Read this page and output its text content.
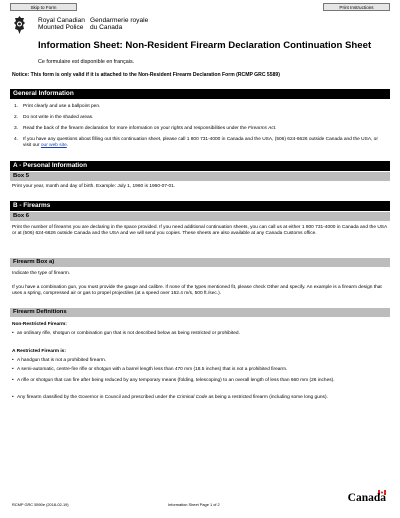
Skip to Form	Print Instructions
Royal Canadian
Mounted Police
Gendarmerie royale
du Canada
Information Sheet: Non-Resident Firearm Declaration Continuation Sheet
Ce formulaire est disponible en français.
Notice: This form is only valid if it is attached to the Non-Resident Firearm Declaration Form (RCMP GRC 5589)
General Information
1. Print clearly and use a ballpoint pen.
2. Do not write in the shaded areas.
3. Read the back of the firearm declaration for more information on your rights and responsibilities under the Firearms Act.
4. If you have any questions about filling out this continuation sheet, please call 1 800 731-4000 in Canada and the USA, (506) 624-6626 outside Canada and the USA, or visit our our web site.
A - Personal Information
Box 5
Print your year, month and day of birth. Example: July 1, 1960 is 1960-07-01.
B - Firearms
Box 6
Print the number of firearms you are declaring in the space provided. If you need additional continuation sheets, you can call us at either 1 800 731-4000 in Canada and the USA or at (506) 624-6626 outside Canada and the USA and we will send you copies. These sheets are also available at any Canada Customs office.
Firearm Box a)
Indicate the type of firearm.
If you have a combination gun, you must provide the gauge and calibre. If none of the types mentioned fit, please check Other and specify. An example is a firearm design that uses a spring, compressed air or gas to propel projectiles (at a speed over 152.4 m/s, 500 ft./sec.).
Firearm Definitions
Non-Restricted Firearm:
• an ordinary rifle, shotgun or combination gun that is not described below as being restricted or prohibited.
A Restricted Firearm is:
• A handgun that is not a prohibited firearm.
• A semi-automatic, centre-fire rifle or shotgun with a barrel length less than 470 mm (18.5 inches) that is not a prohibited firearm.
• A rifle or shotgun that can fire after being reduced by any temporary means (folding, telescoping) to an overall length of less than 660 mm (26 inches).
• Any firearm classified by the Governor in Council and prescribed under the Criminal Code as being a restricted firearm (including some long guns).
RCMP GRC 5590e (2018-02-19)	Information Sheet Page 1 of 2
Canada
